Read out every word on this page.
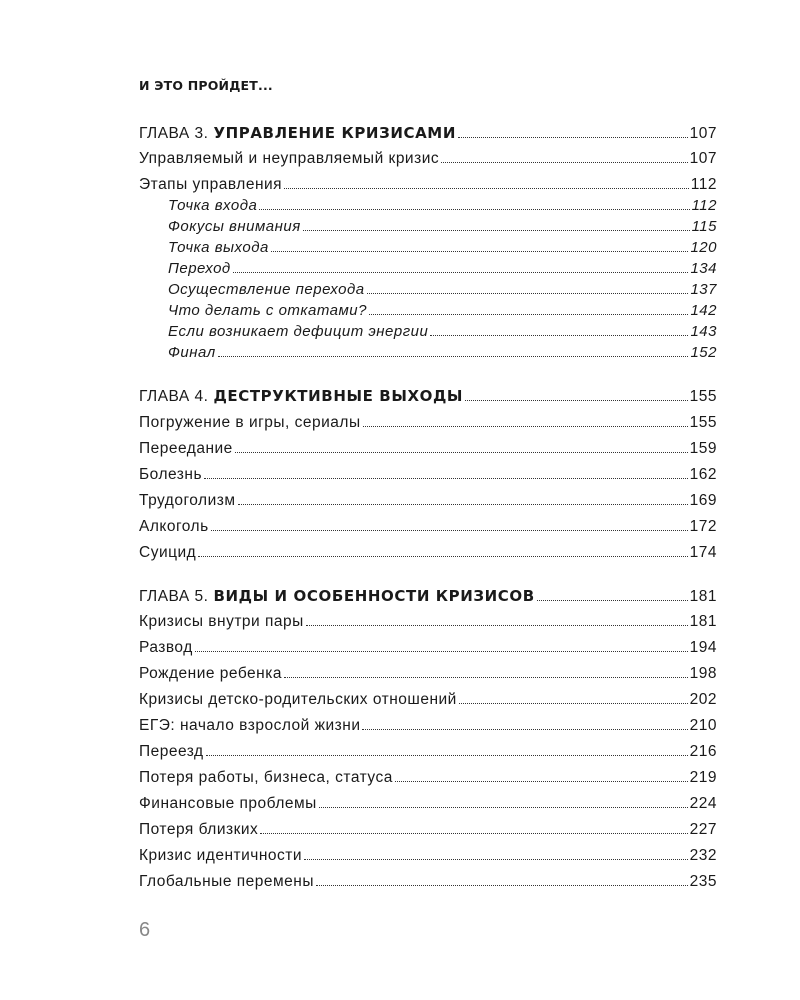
И ЭТО ПРОЙДЕТ...
ГЛАВА 3. УПРАВЛЕНИЕ КРИЗИСАМИ	107
Управляемый и неуправляемый кризис	107
Этапы управления	112
Точка входа	112
Фокусы внимания	115
Точка выхода	120
Переход	134
Осуществление перехода	137
Что делать с откатами?	142
Если возникает дефицит энергии	143
Финал	152
ГЛАВА 4. ДЕСТРУКТИВНЫЕ ВЫХОДЫ	155
Погружение в игры, сериалы	155
Переедание	159
Болезнь	162
Трудоголизм	169
Алкоголь	172
Суицид	174
ГЛАВА 5. ВИДЫ И ОСОБЕННОСТИ КРИЗИСОВ	181
Кризисы внутри пары	181
Развод	194
Рождение ребенка	198
Кризисы детско-родительских отношений	202
ЕГЭ: начало взрослой жизни	210
Переезд	216
Потеря работы, бизнеса, статуса	219
Финансовые проблемы	224
Потеря близких	227
Кризис идентичности	232
Глобальные перемены	235
6
